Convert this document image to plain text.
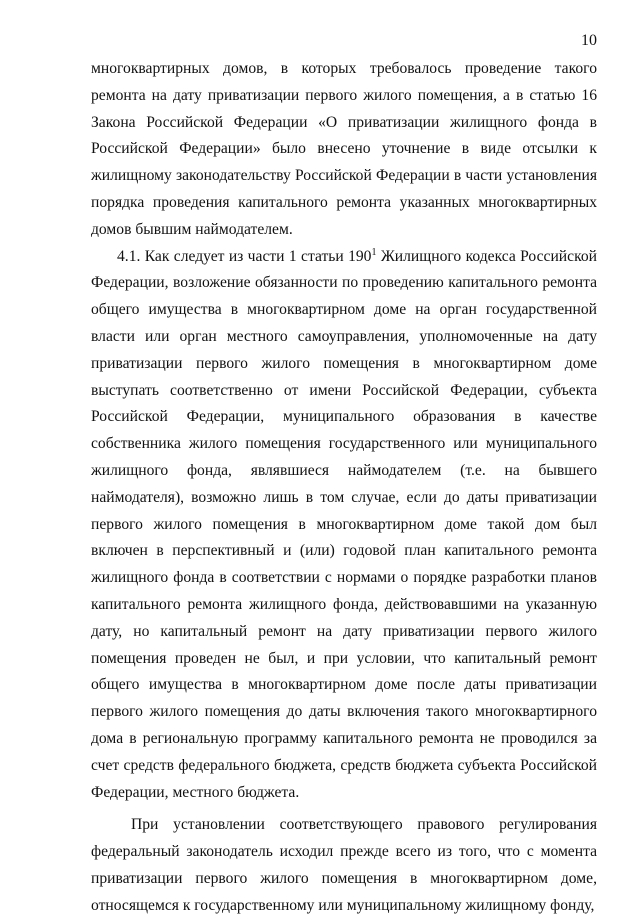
10

многоквартирных домов, в которых требовалось проведение такого ремонта на дату приватизации первого жилого помещения, а в статью 16 Закона Российской Федерации «О приватизации жилищного фонда в Российской Федерации» было внесено уточнение в виде отсылки к жилищному законодательству Российской Федерации в части установления порядка проведения капитального ремонта указанных многоквартирных домов бывшим наймодателем.

4.1. Как следует из части 1 статьи $190^1$ Жилищного кодекса Российской Федерации, возложение обязанности по проведению капитального ремонта общего имущества в многоквартирном доме на орган государственной власти или орган местного самоуправления, уполномоченные на дату приватизации первого жилого помещения в многоквартирном доме выступать соответственно от имени Российской Федерации, субъекта Российской Федерации, муниципального образования в качестве собственника жилого помещения государственного или муниципального жилищного фонда, являвшиеся наймодателем (т.е. на бывшего наймодателя), возможно лишь в том случае, если до даты приватизации первого жилого помещения в многоквартирном доме такой дом был включен в перспективный и (или) годовой план капитального ремонта жилищного фонда в соответствии с нормами о порядке разработки планов капитального ремонта жилищного фонда, действовавшими на указанную дату, но капитальный ремонт на дату приватизации первого жилого помещения проведен не был, и при условии, что капитальный ремонт общего имущества в многоквартирном доме после даты приватизации первого жилого помещения до даты включения такого многоквартирного дома в региональную программу капитального ремонта не проводился за счет средств федерального бюджета, средств бюджета субъекта Российской Федерации, местного бюджета.

При установлении соответствующего правового регулирования федеральный законодатель исходил прежде всего из того, что с момента приватизации первого жилого помещения в многоквартирном доме, относящемся к государственному или муниципальному жилищному фонду,
